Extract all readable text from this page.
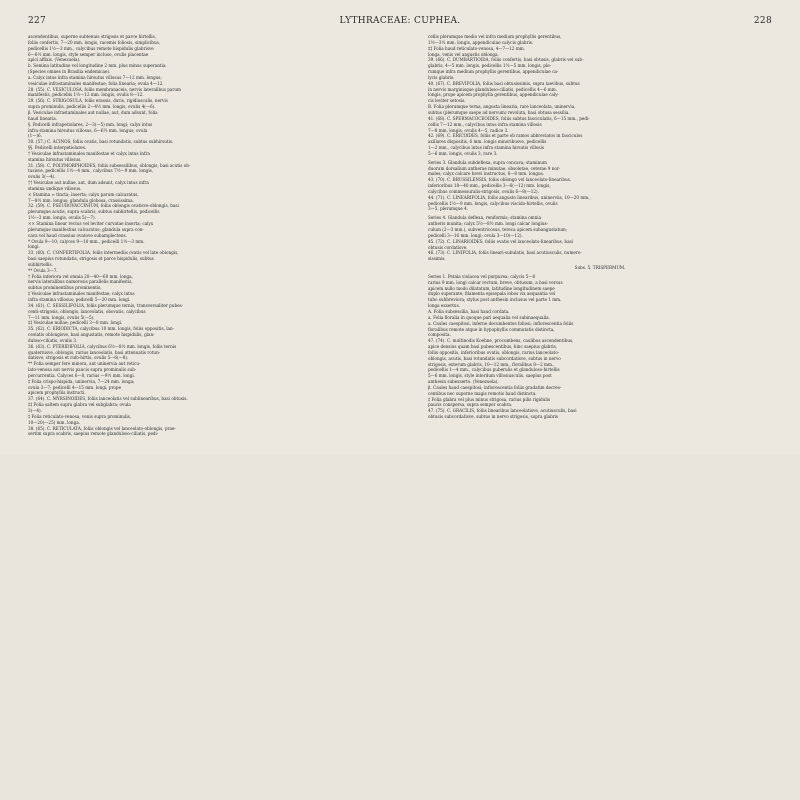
227	LYTHRACEAE: CUPHEA.	228
ascendentibus, superne subtenuis strigosis et parce hirtellis,
foliis confertis, 7—20 mm. longis, racemis foliosis, simplicibus,
pedicellis 1½—3 mm., calycibus remote hispidulis glabrisve
6—6½ mm. longis, style semper incluso, ovulis placentae
apici affixis. (Venezuela).
b. Semina latitudine vel longitudine 2 mm. plus minus superantia.
(Species omnes in Brasilia endemicae).
a. Calyx intus infra stamina hirsutus villosus 7—12 mm. longus;
vesiculae infrastaminales manifestae; folia linearia; ovula 4—12.
28. (55). C. VESICULOSA, foliis membranaceis, nervis lateralibus parum
manifestis, pedicellis 1½—12 mm. longis, ovulis 8—12.
29. (56). C. STRIGOSULA, foliis erassis, duris, rigidiusculis, nervis
supra prominulis, pedicellis 2—4½ mm. longis, ovulis 4(—6).
β. Vesiculae infrastaminales aut nullae, aut, dum adsunt, folia
haud linearia.
§. Pedicelli infrapetiolares, 2—3(—5) mm. longi; calyx intus
infra stamina hirsutus villosus, 6—6½ mm. longus; ovula
(1—)6.
30. (57.) C. ACINOS, foliis ovatis, basi rotundatis, subtus subhirsutis.
§§. Pedicelli interpetiolares.
† Vesiculae infrastaminales manifestae et calyx intus infra
stamina hirsutus villosus.
31. (58). C. POLYMORPHOIDES, foliis subsessilibus, oblongis, basi acutis ob-
tusisve, pedicellis 1½—4 mm., calycibus 7½—9 mm. longis,
ovulis 3(—4).
†† Vesiculae aut nullae, aut, dum adsunt, calyx intus infra
stamina undique villosus.
× Stamina ≈ tincta; inserta; calyx parum calcaratus,
7—8½ mm. longus; glandula globosa, crassissima.
32. (59). C. PSEUDOVACCINIUM, foliis oblongis ovatisve-oblongis, basi
plerumque acutis, supra scabris, subtus subhirtellis, pedicellis
1½—3 mm. longis, ovulis 5(—7).
×× Stamina linear rectus vel leviter curvatae inserta; calyx
plerumque manifestius calcaratus; glandula supra con-
cava vel haud crassius ovatove subamplectens.
* Ovula 9—10; calyces 9—10 mm., pedicelli 1½—3 mm.
longi.
33. (60). C. CONFERTIFOLIA, foliis intermediis ovatis vel late oblongis,
basi saepius rotundatis, strigosis et parce hispidulis, subtus
subhirtellis.
** Ovula 3—7.
† Folia inferiora vel omnia 20—40—60 mm. longa,
nervis lateralibus numerosis parallelis manifestis,
subtus prominentibus prominentis.
‡ Vesiculae infrastaminales manifestae; calyx intus
infra stamina villosus; pedicelli 5—20 mm. longi.
34. (61). C. SESSILIFOLIA, foliis plerumque ternis, transversaliter pubes-
centi-strigosis, oblongis, lanceolatis, obovatis, calycibus
7—11 mm. longis, ovulis 5(—5).
‡‡ Vesiculae nullae; pedicelli 3—8 mm. longi.
35. (62). C. ERIODICTA, calycibus 10 mm. longis, foliis oppositis, lan-
ceolatis oblongisve, basi angustatis, remote hispidulis, glan-
duloso-ciliatis, ovulis 3.
36. (63). C. PTERIDIFOLIA, calycibus 6½—8½ mm. longis, foliis ternis
quaternisve, oblongis, rarius lanceolatis, basi attenuatis rotun-
datisve, strigosis et rufo-hirtis, ovulis 5—6(—8).
** Folia semper fere minora, aut uninervia aut reticu-
lato-venosa aut nervis paucis supra prominulis sub-
percurrentia. Calyces 6—8, rarius —9½ mm. longi.
‡ Folia crispo-hispida, uninervia, 7—24 mm. longa;
ovula 3—7; pedicelli 4—15 mm. longi, prope
apicem prophyllis instructi.
37. (64). C. MYRSINOIDES, foliis lanceolatis vel sublinearibus, basi obtusis.
‡‡ Folia saltem supra glabra vel subglabra; ovula
3(—4).
‡ Folia reticulato-venosa, venis supra prominulis,
10—20(—25) mm. longa.
38. (65). C. RETICULATA, foliis oblongis vel lanceolato-oblongis, prae-
sertim supra scabris, saepius remote glanduloso-ciliatis, pedi-
cellis plerumque medio vel infra medium prophyllis gerentibus,
1½—3½ mm. longis, appendiculae calycis glabris.
‡‡ Folia haud reticulato-venosa, 4—7—12 mm.
longa, venis vel angustis oblonga.
39. (66). C. DUMBARTIOIDA, foliis confertis, basi obtusis, glabris vel sub-
glabris, 4—5 mm. longis, pedicellis 1½—5 mm. longis, ple-
rumque infra medium prophyllis gerentibus, appendiculae ca-
lycis glabris.
40. (67). C. BREVIFOLIA, foliis basi obtusissimis, supra laevibus, subtus
in nervis marginisque glanduloso-ciliatis, pedicellis 4—6 mm.
longis, prope apicem prophylla gerentibus, appendiculae caly-
cis leviter setosis.
B. Folia plerumque terna, angusta linearia, rare lanceolata, uninervia,
subtus (plerumque saepe ad nervum) revoluta, basi obtusa sessilia.
41. (68). C. SPERMACOCEOIDES, foliis subtus fasciculatis, 6—15 mm., pedi-
cellis 7—12 mm., calycibus intus infra stamina villosis
7—8 mm. longis, ovulis 4—5, radice 3.
42. (69). C. ERICOIDES, foliis et parte ob ramos abbreviatos in fasciculos
axillares dispositis, 6 mm. longis minoribusve, pedicellis
1—2 mm., calycibus intus infra stamina hirsutis villosis
5—6 mm. longis, ovulis 3, rare 3.
Series 3. Glandula subdeflexa, supra concava; staminum
duorum dorsalium antherae minutae, obsoletae, ceterae 9 nor-
males; calyx calcare brevi instructus, 6—8 mm. longus.
43. (70). C. BRUSSILENSIS, foliis oblongo vel lanceolato-linearibus,
inferioribus 18—40 mm., pedicellis 3—6(—12) mm. longis,
calycibus commessuralis-strigosis, ovulis 6—8(—12).
44. (71). C. LINEARIFOLIA, foliis angusto linearibus, uninerviis, 10—20 mm.,
pedicellis 1½—9 mm. longis, calycibus viscido-hirtellis, ovulis
3—5, plerumque 4.
Series 4. Glandula deflexa, reniformis; stamina omnia
antheris munita; calyx 5½—8½ mm. longi calcar longius-
culum (2—3 mm.), subventricosus, tereca apicem subangustatum;
pedicelli 3—16 mm. longi; ovula 3—10(—12).
45. (72). C. LINARIOIDES, foliis ovatis vel lanceolato-linearibus, basi
obtusis cordatisve.
46. (73). C. LINIFOLIA, foliis lineari-subulatis, basi acutiusculis, numero-
sissimis.
Subs. 5. TRISPERMUM.
Series 1. Petala violacea vel purpurea; calycis 5—8
rarius 9 mm. longi calcar rectum, breve, obtusum, a basi versus
apicem nullo modo dilatatum, latitudine longitudinem saepe
duplo superante; filamenta episepala lobos vix aequantia vel
tubo subbreviora; stylus post anthesin inclusus vel parte 1 mm.
longa exsertus.
A. Folia subsessilia, basi haud cordata.
a. Folia floralia in quoque pari aequalia vel subinaequalia.
a. Caules caespitosi, inferne decumbentes foliosi; inflorescentia foliis
floralibus remote atque in hypophyllis commutatis distincta,
composita.
47. (74). C. multinodis Koehne, procumbens, caulibus ascendentibus,
apice densius quam basi pubescentibus, hinc saepius glabris,
foliis oppositis, inferioribus ovatis, oblongis, rarius lanceolato-
oblongis, acutis, basi rotundatis subcordatisve, subtus in nervo
strigosis, exterum glabris, 10—12 mm., floralibus 8—2 mm.,
pedicellis 1—4 mm., calycibus puberulis et glanduloso-hirtellis
5—6 mm. longis, style interdum villosiusculis, saepius post
anthesin subexserto. (Venezuela).
β. Caules haud caespitosi; inflorescentia foliis gradatim decres-
centibus nec superne magis remotis haud distincta.
‡ Folia glabra vel plus minus strigosa, rarius pilis rigidulis
paucis conspersa, supra semper scabra.
47. (75). C. GRACILIS, foliis linearibus lanceolatisve, acutiusculis, basi
obtusis subcordatisve, subtus in nervo strigosis, supra glabris
